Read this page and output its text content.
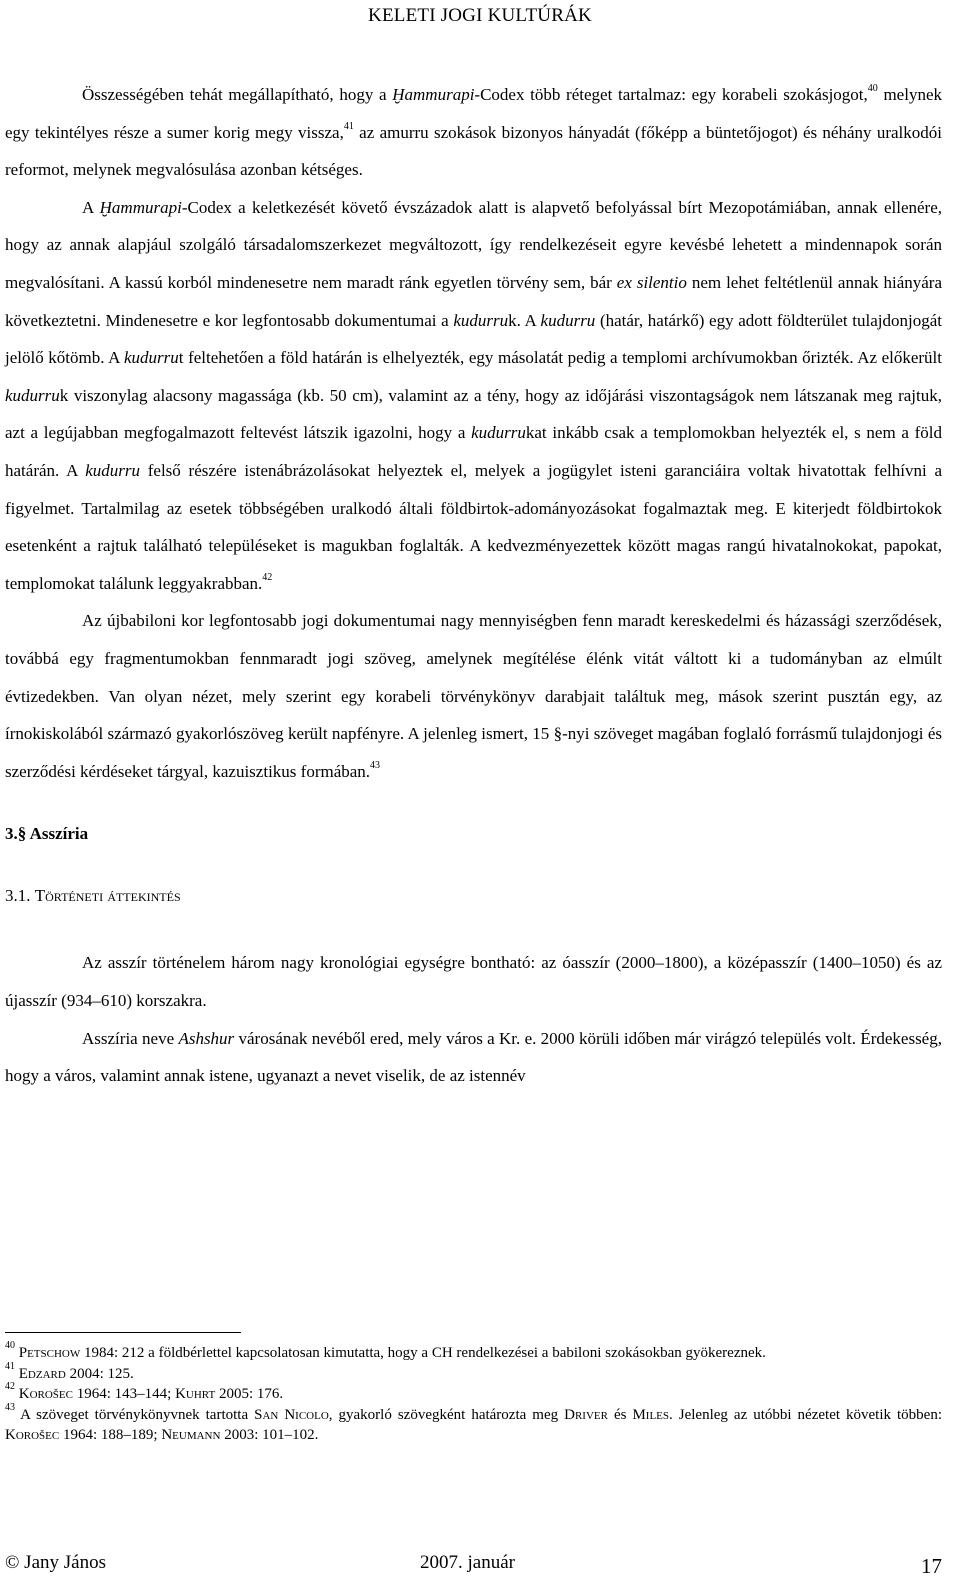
KELETI JOGI KULTÚRÁK

Összességében tehát megállapítható, hogy a Ḫammurapi-Codex több réteget tartalmaz: egy korabeli szokásjogot,$^{40}$ melynek egy tekintélyes része a sumer korig megy vissza,$^{41}$ az amurru szokások bizonyos hányadát (főképp a büntetőjogot) és néhány uralkodói reformot, melynek megvalósulása azonban kétséges.

A Ḫammurapi-Codex a keletkezését követő évszázadok alatt is alapvető befolyással bírt Mezopotámiában, annak ellenére, hogy az annak alapjául szolgáló társadalomszerkezet megváltozott, így rendelkezéseit egyre kevésbé lehetett a mindennapok során megvalósítani. A kassú korból mindenesetre nem maradt ránk egyetlen törvény sem, bár ex silentio nem lehet feltétlenül annak hiányára következtetni. Mindenesetre e kor legfontosabb dokumentumai a kudurruk. A kudurru (határ, határkő) egy adott földterület tulajdonjogát jelölő kőtömb. A kudurrut feltehetően a föld határán is elhelyezték, egy másolatát pedig a templomi archívumokban őrizték. Az előkerült kudurruk viszonylag alacsony magassága (kb. 50 cm), valamint az a tény, hogy az időjárási viszontagságok nem látszanak meg rajtuk, azt a legújabban megfogalmazott feltevést látszik igazolni, hogy a kudurrukat inkább csak a templomokban helyezték el, s nem a föld határán. A kudurru felső részére istenábrázolásokat helyeztek el, melyek a jogügylet isteni garanciáira voltak hivatottak felhívni a figyelmet. Tartalmilag az esetek többségében uralkodó általi földbirtok-adományozásokat fogalmaztak meg. E kiterjedt földbirtokok esetenként a rajtuk található településeket is magukban foglalták. A kedvezményezettek között magas rangú hivatalnokokat, papokat, templomokat találunk leggyakrabban.$^{42}$

Az újbabiloni kor legfontosabb jogi dokumentumai nagy mennyiségben fenn maradt kereskedelmi és házassági szerződések, továbbá egy fragmentumokban fennmaradt jogi szöveg, amelynek megítélése élénk vitát váltott ki a tudományban az elmúlt évtizedekben. Van olyan nézet, mely szerint egy korabeli törvénykönyv darabjait találtuk meg, mások szerint pusztán egy, az írnokiskolából származó gyakorlószöveg került napfényre. A jelenleg ismert, 15 §-nyi szöveget magában foglaló forrásmű tulajdonjogi és szerződési kérdéseket tárgyal, kazuisztikus formában.$^{43}$

3.§ Asszíria

3.1. Történeti áttekintés

Az asszír történelem három nagy kronológiai egységre bontható: az óasszír (2000–1800), a középasszír (1400–1050) és az újasszír (934–610) korszakra.

Asszíria neve Ashshur városának nevéből ered, mely város a Kr. e. 2000 körüli időben már virágzó település volt. Érdekesség, hogy a város, valamint annak istene, ugyanazt a nevet viselik, de az istennév

$^{40}$ Petschow 1984: 212 a földbérlettel kapcsolatosan kimutatta, hogy a CH rendelkezései a babiloni szokásokban gyökereznek.

$^{41}$ Edzard 2004: 125.

$^{42}$ Korošec 1964: 143–144; Kuhrt 2005: 176.

$^{43}$ A szöveget törvénykönyvnek tartotta San Nicolo, gyakorló szövegként határozta meg Driver és Miles. Jelenleg az utóbbi nézetet követik többen: Korošec 1964: 188–189; Neumann 2003: 101–102.

© Jany János	2007. január	17
